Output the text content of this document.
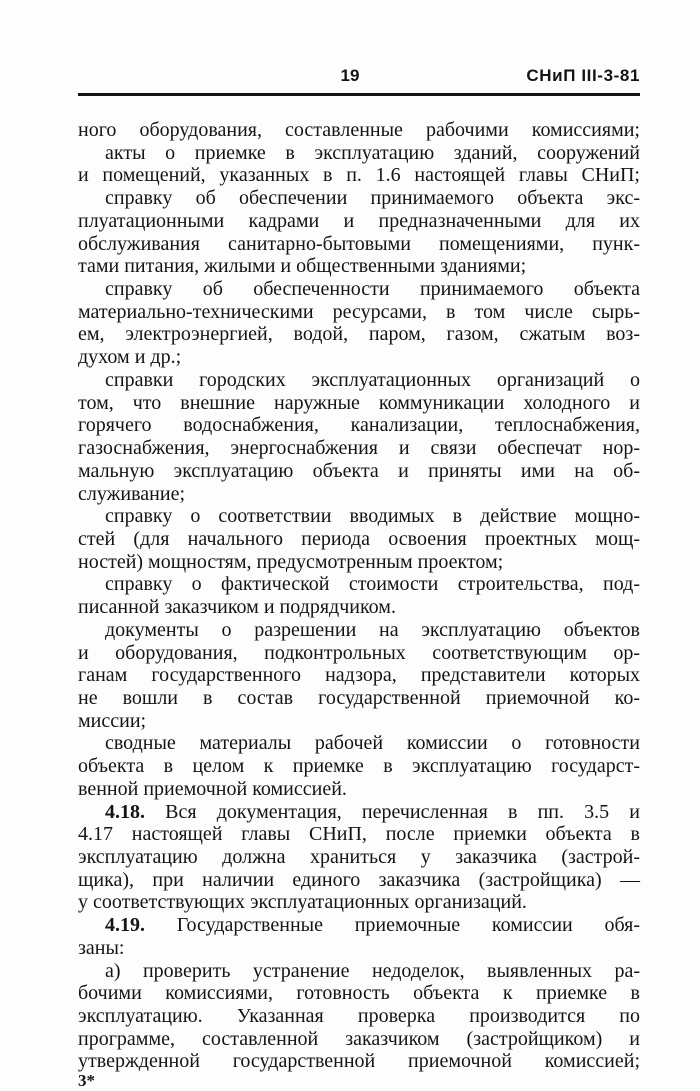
19	СНиП III-3-81
ного оборудования, составленные рабочими комиссиями;
акты о приемке в эксплуатацию зданий, сооружений
и помещений, указанных в п. 1.6 настоящей главы СНиП;
справку об обеспечении принимаемого объекта экс-
плуатационными кадрами и предназначенными для их
обслуживания санитарно-бытовыми помещениями, пунк-
тами питания, жилыми и общественными зданиями;
справку об обеспеченности принимаемого объекта
материально-техническими ресурсами, в том числе сырь-
ем, электроэнергией, водой, паром, газом, сжатым воз-
духом и др.;
справки городских эксплуатационных организаций о
том, что внешние наружные коммуникации холодного и
горячего водоснабжения, канализации, теплоснабжения,
газоснабжения, энергоснабжения и связи обеспечат нор-
мальную эксплуатацию объекта и приняты ими на об-
служивание;
справку о соответствии вводимых в действие мощно-
стей (для начального периода освоения проектных мощ-
ностей) мощностям, предусмотренным проектом;
справку о фактической стоимости строительства, под-
писанной заказчиком и подрядчиком.
документы о разрешении на эксплуатацию объектов
и оборудования, подконтрольных соответствующим ор-
ганам государственного надзора, представители которых
не вошли в состав государственной приемочной ко-
миссии;
сводные материалы рабочей комиссии о готовности
объекта в целом к приемке в эксплуатацию государст-
венной приемочной комиссией.
4.18. Вся документация, перечисленная в пп. 3.5 и
4.17 настоящей главы СНиП, после приемки объекта в
эксплуатацию должна храниться у заказчика (застрой-
щика), при наличии единого заказчика (застройщика) —
у соответствующих эксплуатационных организаций.
4.19. Государственные приемочные комиссии обя-
заны:
а) проверить устранение недоделок, выявленных ра-
бочими комиссиями, готовность объекта к приемке в
эксплуатацию. Указанная проверка производится по
программе, составленной заказчиком (застройщиком) и
утвержденной государственной приемочной комиссией;
3*
